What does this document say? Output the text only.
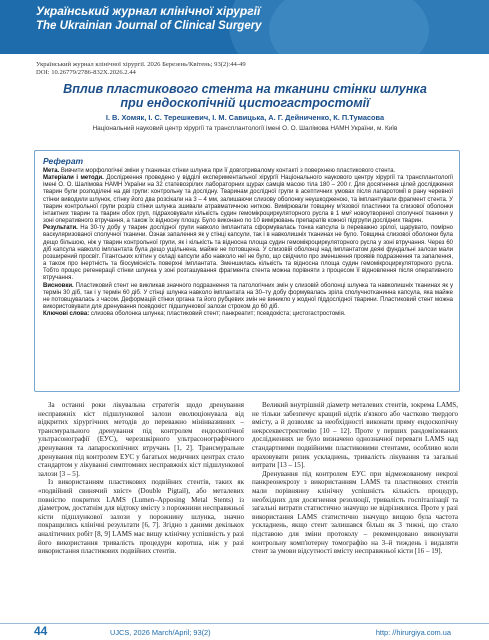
Український журнал клінічної хірургії
The Ukrainian Journal of Clinical Surgery
Український журнал клінічної хірургії. 2026 Березень/Квітень; 93(2):44-49
DOI: 10.26779/2786-832X.2026.2.44
Вплив пластикового стента на тканини стінки шлунка
при ендоскопічній цистогастростомії
І. В. Хомяк, І. С. Терешкевич, І. М. Савицька, А. Г. Дейниченко, К. П.Тумасова
Національний науковий центр хірургії та трансплантології імені О. О. Шалімова НАМН України, м. Київ
Реферат

Мета. Вивчити морфологічні зміни у тканинах стінки шлунка при її довготривалому контакті з поверхнею пластикового стента.

Матеріали і методи. Дослідження проведено у відділі експериментальної хірургії Національного наукового центру хірургії та трансплантології імені О. О. Шалімова НАМН України на 32 статевозрілих лабораторних щурах самців масою тіла 180 – 200 г. Для досягнення цілей дослідження тварин були розподілені на дві групи: контрольну та дослідну. Тваринам дослідної групи в асептичних умовах після лапаротомії в рану черевної стінки виводили шлунок, стінку його два розсікали на 3 – 4 мм, залишаючи слизову оболонку неушкодженою, та імплантували фрагмент стента. У тварин контрольної групи розріз стінки шлунка зшивали атравматичною ниткою. Вимірювали товщину м'язової пластинки та слизової оболонки інтактних тварин та тварин обох груп, підраховували кількість судин гемомікроциркуляторного русла в 1 мм² новоутвореної сполучної тканини у зоні оперативного втручання, а також їх відносну площу. Було виконано по 10 вимірювань препаратів кожної підгрупи дослідних тварин.

Результати. На 30-ту добу у тварин дослідної групи навколо імплантата сформувалась тонка капсула із переважно зрілої, щарувато, помірно васкуляризованої сполучної тканини. Ознак запалення як у стінці капсули, так і в навколишніх тканинах не було. Товщина слизової оболонки була дещо більшою, ніж у тварин контрольної групи, як і кількість та відносна площа судин гемомікроциркуляторного русла у зоні втручання. Через 60 діб капсула навколо імплантата була дещо ущільнена, майже не потовщена. У слизовій оболонці над імплантатом деякі фундальні залози мали розширений просвіт. Гігантських клітин у складі капсули або навколо неї не було, що свідчило про зменшення проявів подразнення та запалення, а також про інертність та біосумісність поверхні імплантата. Зменшилась кількість та відносна площа судин гемомікроциркуляторного русла. Тобто процес регенерації стінки шлунка у зоні розташування фрагмента стента можна порівняти з процесом її відновлення після оперативного втручання.

Висновки. Пластиковий стент не викликав значного подразнення та патологічних змін у слизовій оболонці шлунка та навколишніх тканинах як у термін 30 діб, так і у термін 60 діб. У стінці шлунка навколо імплантата на 30–ту добу формувалась зріла сполучнотканинна капсула, яка майже не потовщувалась з часом. Деформацій стінки органа та його рубцевих змін не виникло у жодної піддослідної тварини. Пластиковий стент можна використовувати для дренування псевдокіст підшлункової залози строком до 60 діб.

Ключові слова: слизова оболонка шлунка; пластиковий стент; панкреатит; псевдокіста; цистогастростомія.

За останні роки лікувальна стратегія щодо дренування несправжніх кіст підшлункової залози еволюціонувала від відкритих хірургічних методів до переважно мінінвазивних – трансмуральнoго дренування під контролем ендоскопічної ультрасонографії (ЕУС), черезшкірного ультрасонографічного дренування та лапароскопічних втручань [1, 2]. Трансмуральне дренування під контролем ЕУС у багатьох медичних центрах стало стандартом у лікуванні симптомних несправжніх кіст підшлункової залози [3 – 5].

Із використанням пластикових подвійних стентів, таких як «подвійний свинячий хвіст» (Double Pigtail), або металевих повністю покритих LAMS (Lumen–Apposing Metal Stents) із діаметром, достатнім для відтоку вмісту з порожнини несправжньої кісти підшлункової залози у порожнину шлунка, значно покращились клінічні результати [6, 7]. Згідно з даними декількох аналітичних робіт [8, 9] LAMS має вищу клінічну успішність у разі його використання тривалість процедури коротша, ніж у разі використання пластикових подвійних стентів.

Великий внутрішній діаметр металевих стентів, зокрема LAMS, не тільки забезпечує кращий відтік в'язкого або частково твердого вмісту, а й дозволяє за необхідності виконати пряму ендоскопічну некрсеквестректомію [10 – 12]. Проте у перших рандомізованих дослідженнях не було визначено однозначної переваги LAMS над стандартними подвійними пластиковими стентами, особливо коли враховувати ризик ускладнень, тривалість лікування та загальні витрати [13 – 15].

Дренування під контролем ЕУС при відмежованому некрозі панкреонекрозу з використанням LAMS та пластикових стентів мали порівнянну клінічну успішність кількість процедур, необхідних для досягнення резолюції, тривалість госпіталізації та загальні витрати статистично значущо не відрізнялися. Проте у разі використання LAMS статистично значущо вищою була частота ускладнень, якщо стент залишався більш як 3 тижні, що стало підставою для зміни протоколу – рекомендовано виконувати контрольну комп'ютерну томографію на 3–й тиждень і видаляти стент за умови відсутності вмісту несправжньої кісти [16 – 19].

44	UJCS, 2026 March/April; 93(2)	http: //hirurgiya.com.ua
